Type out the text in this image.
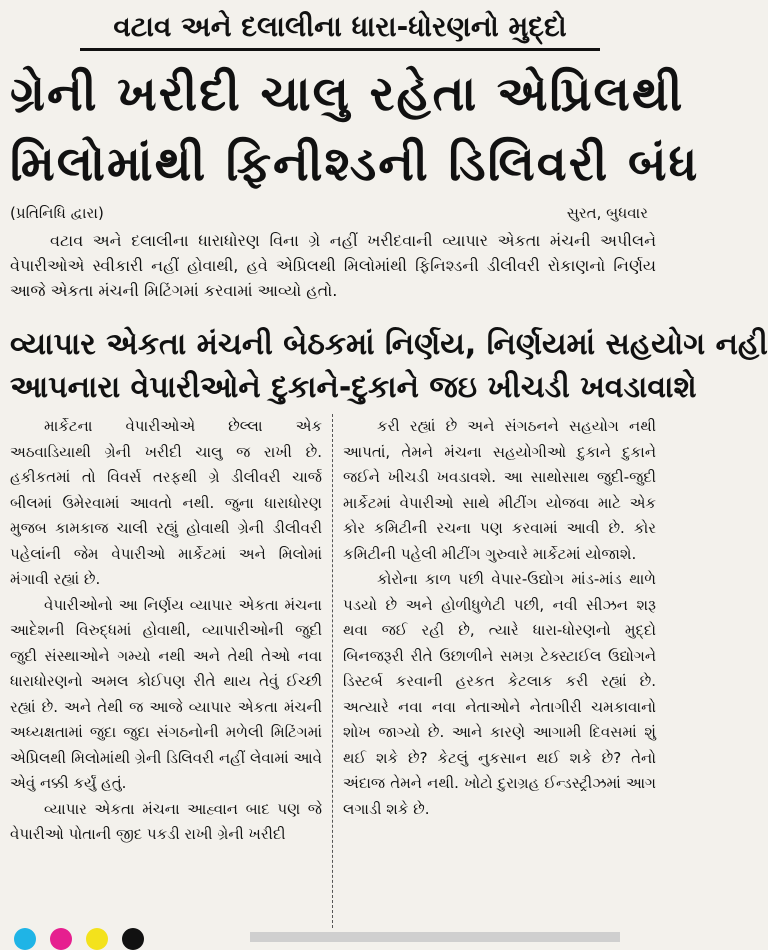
વટાવ અને દલાલીના ધારા-ધોરણનો મુદ્દો
ગ્રેની ખરીદી ચાલુ રહેતા એપ્રિલથી
મિલોમાંથી ફિનીશ્ડની ડિલિવરી બંધ
(પ્રતિનિધિ દ્વારા)	સુરત, બુધવાર

વટાવ અને દલાલીના ધારાધોરણ વિના ગ્રે નહીં ખરીદવાની વ્યાપાર એકતા મંચની અપીલને વેપારીઓએ સ્વીકારી નહીં હોવાથી, હવે એપ્રિલથી મિલોમાંથી ફિનિશ્ડની ડીલીવરી રોકાણનો નિર્ણય આજે એકતા મંચની મિટિંગમાં કરવામાં આવ્યો હતો.

વ્યાપાર એકતા મંચની બેઠકમાં નિર્ણય, નિર્ણયમાં સહયોગ નહી
આપનારા વેપારીઓને દુકાને-દુકાને જઇ ખીચડી ખવડાવાશે

માર્કેટના વેપારીઓએ છેલ્લા એક અઠવાડિયાથી ગ્રેની ખરીદી ચાલુ જ રાખી છે. હકીકતમાં તો વિવર્સ તરફથી ગ્રે ડીલીવરી ચાર્જ બીલમાં ઉમેરવામાં આવતો નથી. જુના ધારાધોરણ મુજબ કામકાજ ચાલી રહ્યું હોવાથી ગ્રેની ડીલીવરી પહેલાંની જેમ વેપારીઓ માર્કેટમાં અને મિલોમાં મંગાવી રહ્યાં છે.

વેપારીઓનો આ નિર્ણય વ્યાપાર એકતા મંચના આદેશની વિરુદ્ધમાં હોવાથી, વ્યાપારીઓની જુદી જુદી સંસ્થાઓને ગમ્યો નથી અને તેથી તેઓ નવા ધારાધોરણનો અમલ કોઈપણ રીતે થાય તેવું ઈચ્છી રહ્યાં છે. અને તેથી જ આજે વ્યાપાર એકતા મંચની અધ્યક્ષતામાં જુદા જુદા સંગઠનોની મળેલી મિટિંગમાં એપ્રિલથી મિલોમાંથી ગ્રેની ડિલિવરી નહીં લેવામાં આવે એવું નક્કી કર્યું હતું.

વ્યાપાર એકતા મંચના આહ્વાન બાદ પણ જે વેપારીઓ પોતાની જીદ પકડી રાખી ગ્રેની ખરીદી

કરી રહ્યાં છે અને સંગઠનને સહયોગ નથી આપતાં, તેમને મંચના સહયોગીઓ દુકાને દુકાને જઈને ખીચડી ખવડાવશે. આ સાથોસાથ જુદી-જુદી માર્કેટમાં વેપારીઓ સાથે મીટીંગ યોજવા માટે એક કોર કમિટીની રચના પણ કરવામાં આવી છે. કોર કમિટીની પહેલી મીટીંગ ગુરુવારે માર્કેટમાં યોજાશે.

કોરોના કાળ પછી વેપાર-ઉદ્યોગ માંડ-માંડ થાળે પડયો છે અને હોળીધુળેટી પછી, નવી સીઝન શરૂ થવા જઈ રહી છે, ત્યારે ધારા-ધોરણનો મુદ્દો બિનજરૂરી રીતે ઉછાળીને સમગ્ર ટેક્સ્ટાઈલ ઉદ્યોગને ડિસ્ટર્બ કરવાની હરકત કેટલાક કરી રહ્યાં છે. અત્યારે નવા નવા નેતાઓને નેતાગીરી ચમકાવાનો શોખ જાગ્યો છે. આને કારણે આગામી દિવસમાં શું થઈ શકે છે? કેટલું નુકસાન થઈ શકે છે? તેનો અંદાજ તેમને નથી. ખોટો દુરાગ્રહ ઈન્ડસ્ટ્રીઝમાં આગ લગાડી શકે છે.
